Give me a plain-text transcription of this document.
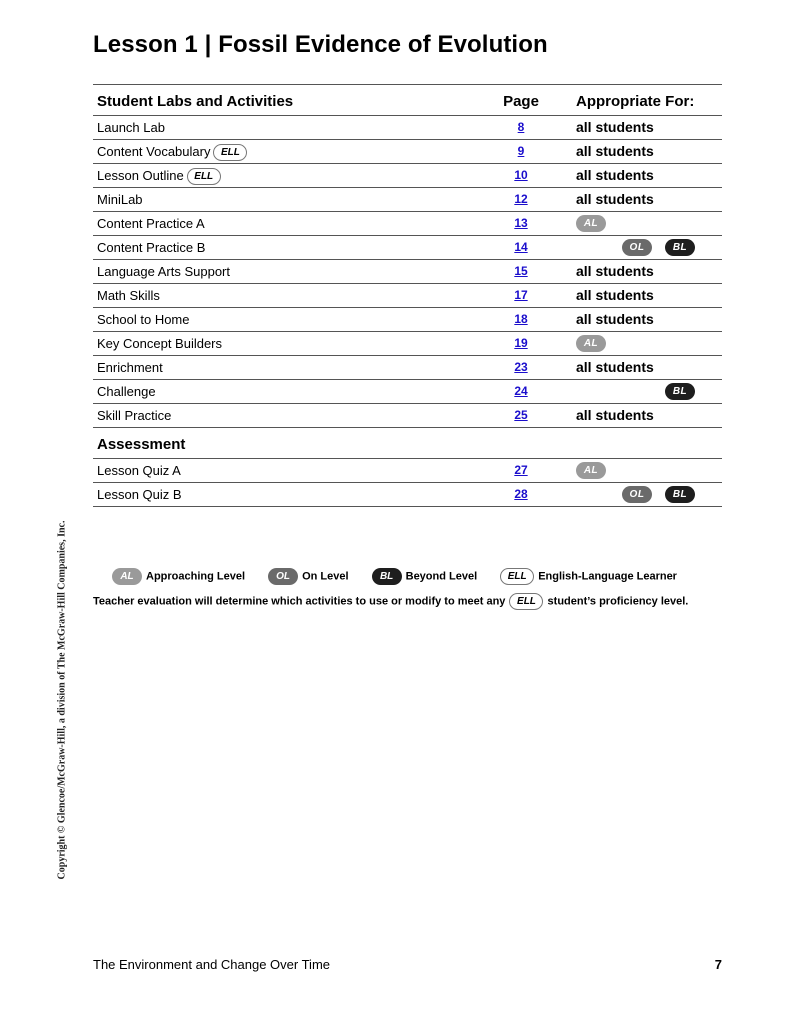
Lesson 1 | Fossil Evidence of Evolution
Student Labs and Activities	Page	Appropriate For:
Launch Lab	8	all students
Content Vocabulary ELL	9	all students
Lesson Outline ELL	10	all students
MiniLab	12	all students
Content Practice A	13	AL
Content Practice B	14	OL	BL
Language Arts Support	15	all students
Math Skills	17	all students
School to Home	18	all students
Key Concept Builders	19	AL
Enrichment	23	all students
Challenge	24	BL
Skill Practice	25	all students
Assessment
Lesson Quiz A	27	AL
Lesson Quiz B	28	OL	BL
AL Approaching Level	OL On Level	BL Beyond Level	ELL English-Language Learner
Teacher evaluation will determine which activities to use or modify to meet any ELL student’s proficiency level.
Copyright © Glencoe/McGraw-Hill, a division of The McGraw-Hill Companies, Inc.
The Environment and Change Over Time	7
